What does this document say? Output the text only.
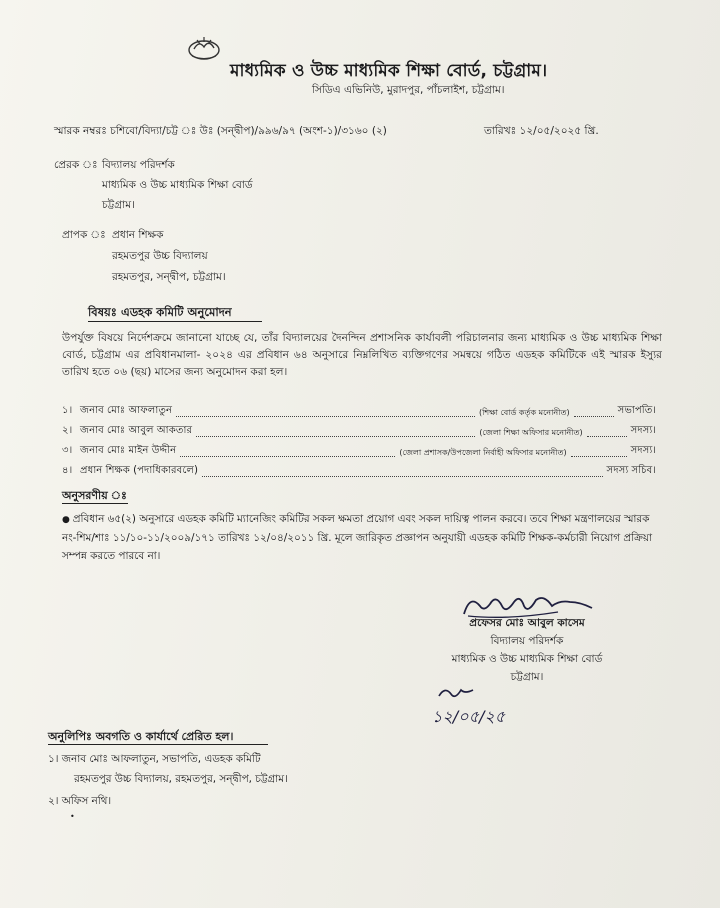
মাধ্যমিক ও উচ্চ মাধ্যমিক শিক্ষা বোর্ড, চট্টগ্রাম।
সিডিএ এভিনিউ, মুরাদপুর, পাঁচলাইশ, চট্টগ্রাম।
স্মারক নম্বরঃ চশিবো/বিদ্যা/চট্ট ঃ উঃ (সন্দ্বীপ)/৯৯৬/৯৭ (অংশ-১)/৩১৬০ (২)	তারিখঃ ১২/০৫/২০২৫ খ্রি.
প্রেরক ঃ বিদ্যালয় পরিদর্শক
মাধ্যমিক ও উচ্চ মাধ্যমিক শিক্ষা বোর্ড
চট্টগ্রাম।
প্রাপক ঃ প্রধান শিক্ষক
রহমতপুর উচ্চ বিদ্যালয়
রহমতপুর, সন্দ্বীপ, চট্টগ্রাম।
বিষয়ঃ এডহক কমিটি অনুমোদন
উপর্যুক্ত বিষয়ে নির্দেশক্রমে জানানো যাচ্ছে যে, তাঁর বিদ্যালয়ের দৈনন্দিন প্রশাসনিক কার্যাবলী পরিচালনার জন্য মাধ্যমিক ও উচ্চ মাধ্যমিক শিক্ষা বোর্ড, চট্টগ্রাম এর প্রবিধানমালা- ২০২৪ এর প্রবিধান ৬৪ অনুসারে নিম্নলিখিত ব্যক্তিগণের সমন্বয়ে গঠিত এডহক কমিটিকে এই স্মারক ইস্যুর তারিখ হতে ০৬ (ছয়) মাসের জন্য অনুমোদন করা হল।
১। জনাব মোঃ আফলাতুন	(শিক্ষা বোর্ড কর্তৃক মনোনীত)	সভাপতি।
২। জনাব মোঃ আবুল আকতার	(জেলা শিক্ষা অফিসার মনোনীত)	সদস্য।
৩। জনাব মোঃ মাইন উদ্দীন	(জেলা প্রশাসক/উপজেলা নির্বাহী অফিসার মনোনীত)	সদস্য।
৪। প্রধান শিক্ষক (পদাধিকারবলে)	সদস্য সচিব।
অনুসরণীয় ঃ
● প্রবিধান ৬৫(২) অনুসারে এডহক কমিটি ম্যানেজিং কমিটির সকল ক্ষমতা প্রয়োগ এবং সকল দায়িত্ব পালন করবে। তবে শিক্ষা মন্ত্রণালয়ের স্মারক নং-শিম/শাঃ ১১/১০-১১/২০০৯/১৭১ তারিখঃ ১২/০৪/২০১১ খ্রি. মূলে জারিকৃত প্রজ্ঞাপন অনুযায়ী এডহক কমিটি শিক্ষক-কর্মচারী নিয়োগ প্রক্রিয়া সম্পন্ন করতে পারবে না।
প্রফেসর মোঃ আবুল কাসেম
বিদ্যালয় পরিদর্শক
মাধ্যমিক ও উচ্চ মাধ্যমিক শিক্ষা বোর্ড
চট্টগ্রাম।
১২/০৫/২৫
অনুলিপিঃ অবগতি ও কার্যার্থে প্রেরিত হল।
১। জনাব মোঃ আফলাতুন, সভাপতি, এডহক কমিটি
রহমতপুর উচ্চ বিদ্যালয়, রহমতপুর, সন্দ্বীপ, চট্টগ্রাম।
২। অফিস নথি।
•
